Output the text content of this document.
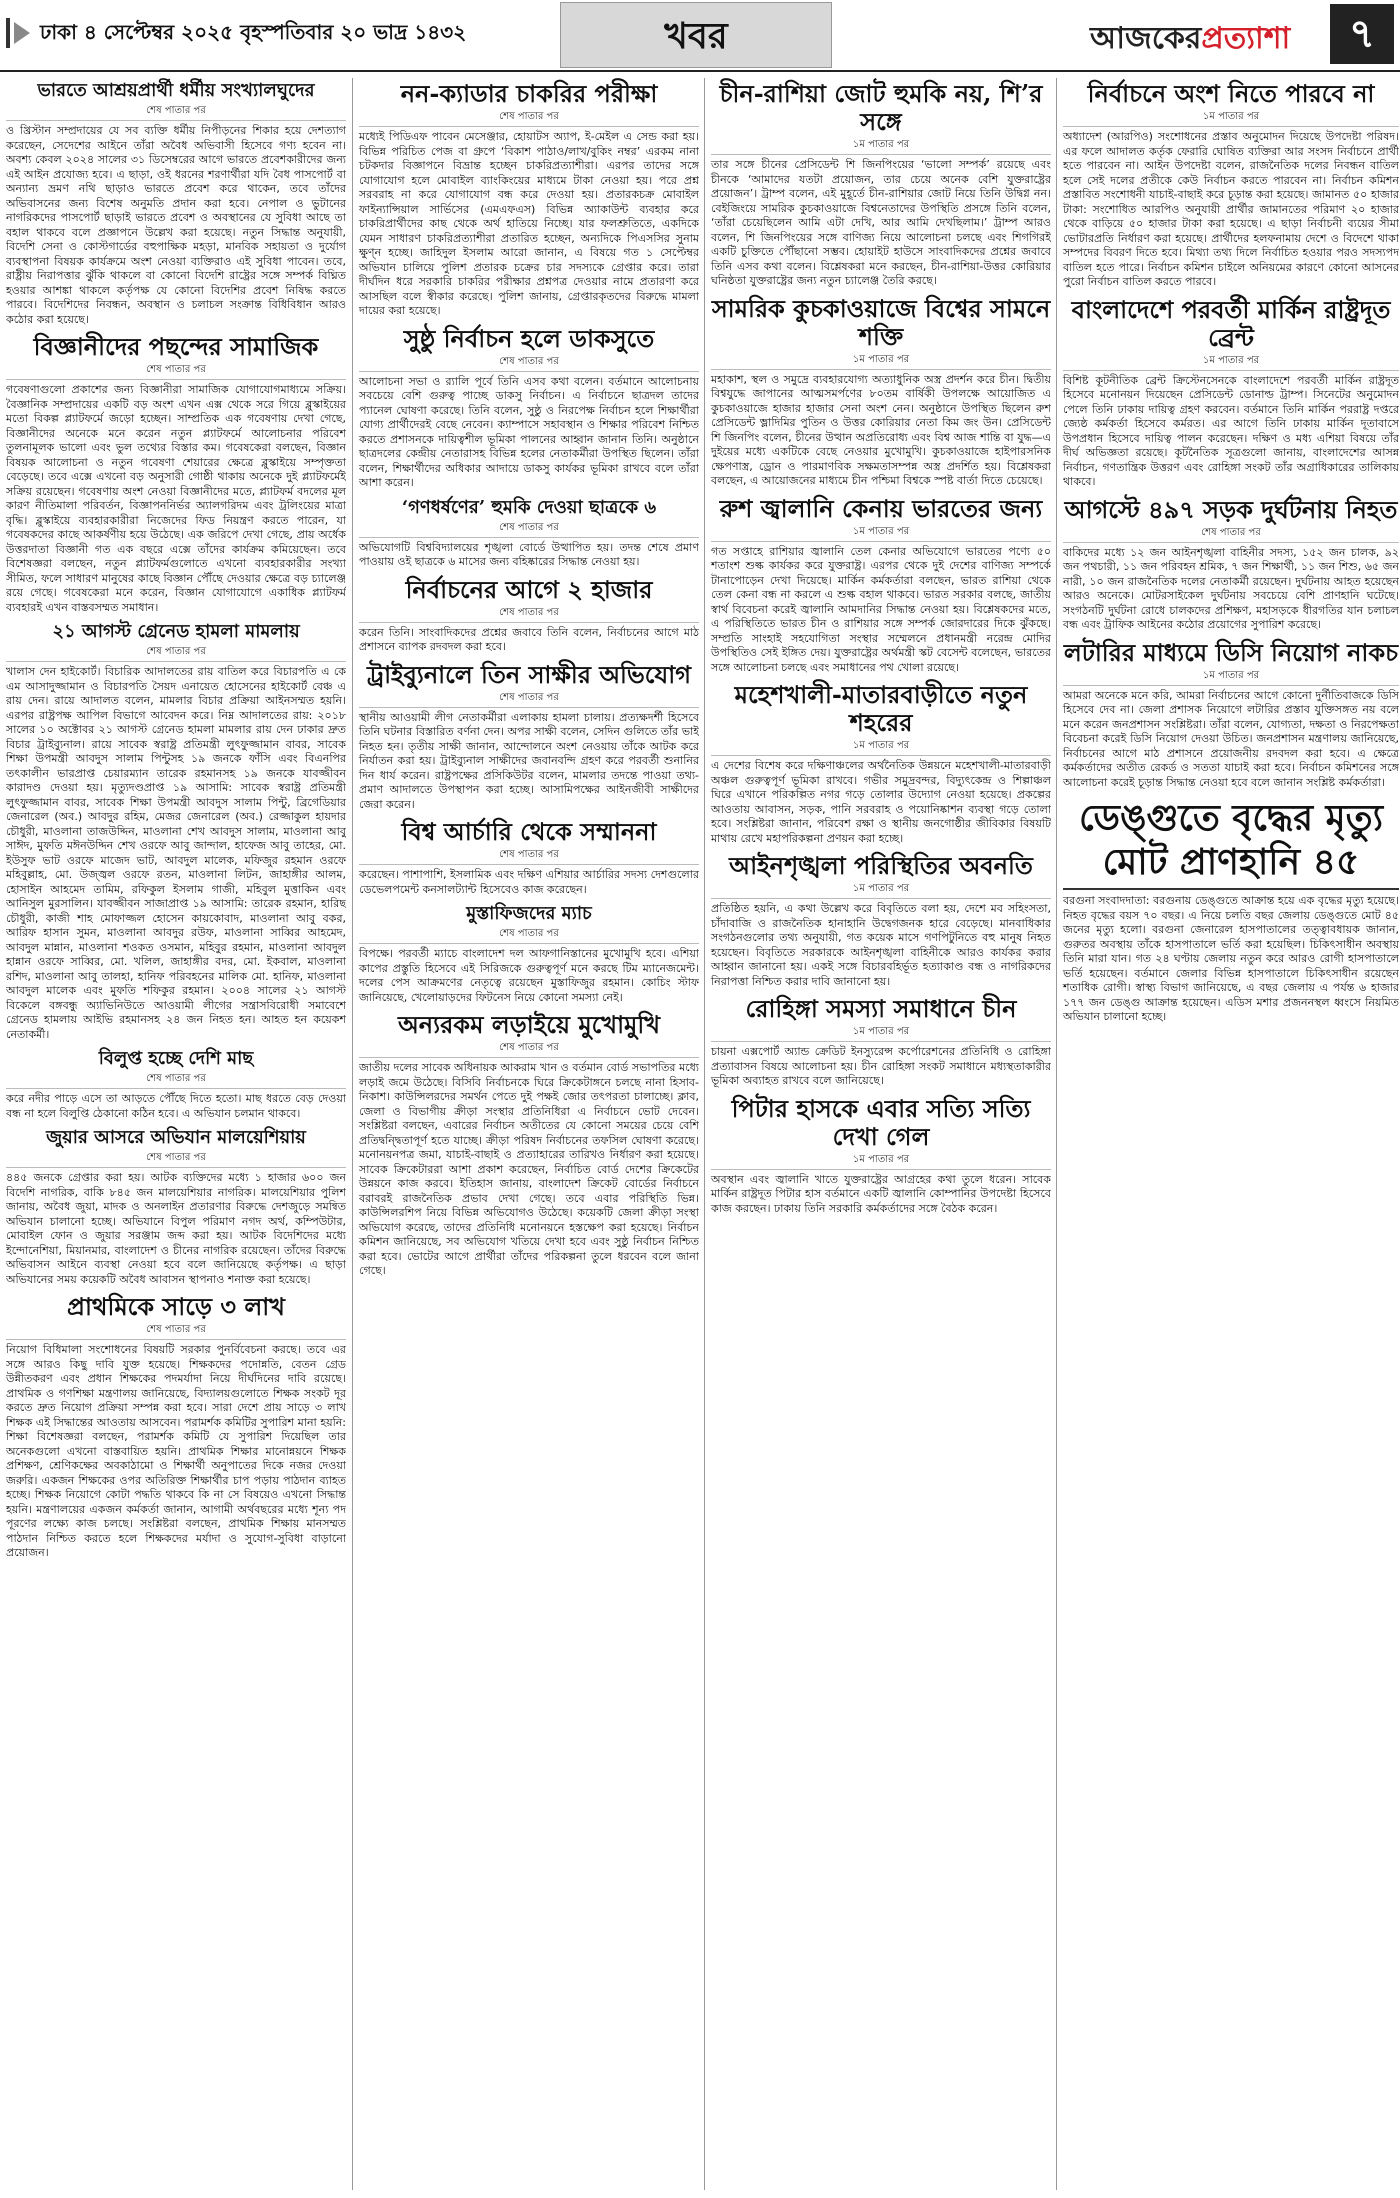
ঢাকা ৪ সেপ্টেম্বর ২০২৫ বৃহস্পতিবার ২০ ভাদ্র ১৪৩২	খবর	আজকেরপ্রত্যাশা	৭
ভারতে আশ্রয়প্রার্থী ধর্মীয় সংখ্যালঘুদের
শেষ পাতার পর

ও খ্রিস্টান সম্প্রদায়ের যে সব ব্যক্তি ধর্মীয় নিপীড়নের শিকার হয়ে দেশত্যাগ করেছেন, সেদেশের আইনে তাঁরা অবৈধ অভিবাসী হিসেবে গণ্য হবেন না। অবশ্য কেবল ২০২৪ সালের ৩১ ডিসেম্বরের আগে ভারতে প্রবেশকারীদের জন্য এই আইন প্রযোজ্য হবে। এ ছাড়া, ওই ধরনের শরণার্থীরা যদি বৈধ পাসপোর্ট বা অন্যান্য ভ্রমণ নথি ছাড়াও ভারতে প্রবেশ করে থাকেন, তবে তাঁদের অভিবাসনের জন্য বিশেষ অনুমতি প্রদান করা হবে। নেপাল ও ভুটানের নাগরিকদের পাসপোর্ট ছাড়াই ভারতে প্রবেশ ও অবস্থানের যে সুবিধা আছে তা বহাল থাকবে বলে প্রজ্ঞাপনে উল্লেখ করা হয়েছে। নতুন সিদ্ধান্ত অনুযায়ী, বিদেশি সেনা ও কোস্টগার্ডের বহুপাক্ষিক মহড়া, মানবিক সহায়তা ও দুর্যোগ ব্যবস্থাপনা বিষয়ক কার্যক্রমে অংশ নেওয়া ব্যক্তিরাও এই সুবিধা পাবেন। তবে, রাষ্ট্রীয় নিরাপত্তার ঝুঁকি থাকলে বা কোনো বিদেশি রাষ্ট্রের সঙ্গে সম্পর্ক বিঘ্নিত হওয়ার আশঙ্কা থাকলে কর্তৃপক্ষ যে কোনো বিদেশির প্রবেশ নিষিদ্ধ করতে পারবে। বিদেশিদের নিবন্ধন, অবস্থান ও চলাচল সংক্রান্ত বিধিবিধান আরও কঠোর করা হয়েছে।

বিজ্ঞানীদের পছন্দের সামাজিক
শেষ পাতার পর

গবেষণাগুলো প্রকাশের জন্য বিজ্ঞানীরা সামাজিক যোগাযোগমাধ্যমে সক্রিয়। বৈজ্ঞানিক সম্প্রদায়ের একটি বড় অংশ এখন এক্স থেকে সরে গিয়ে ব্লুস্কাইয়ের মতো বিকল্প প্ল্যাটফর্মে জড়ো হচ্ছেন। সাম্প্রতিক এক গবেষণায় দেখা গেছে, বিজ্ঞানীদের অনেকে মনে করেন নতুন প্ল্যাটফর্মে আলোচনার পরিবেশ তুলনামূলক ভালো এবং ভুল তথ্যের বিস্তার কম। গবেষকেরা বলছেন, বিজ্ঞান বিষয়ক আলোচনা ও নতুন গবেষণা শেয়ারের ক্ষেত্রে ব্লুস্কাইয়ে সম্পৃক্ততা বেড়েছে। তবে এক্সে এখনো বড় অনুসারী গোষ্ঠী থাকায় অনেকে দুই প্ল্যাটফর্মেই সক্রিয় রয়েছেন। গবেষণায় অংশ নেওয়া বিজ্ঞানীদের মতে, প্ল্যাটফর্ম বদলের মূল কারণ নীতিমালা পরিবর্তন, বিজ্ঞাপননির্ভর অ্যালগরিদম এবং ট্রলিংয়ের মাত্রা বৃদ্ধি। ব্লুস্কাইয়ে ব্যবহারকারীরা নিজেদের ফিড নিয়ন্ত্রণ করতে পারেন, যা গবেষকদের কাছে আকর্ষণীয় হয়ে উঠেছে। এক জরিপে দেখা গেছে, প্রায় অর্ধেক উত্তরদাতা বিজ্ঞানী গত এক বছরে এক্সে তাঁদের কার্যক্রম কমিয়েছেন। তবে বিশেষজ্ঞরা বলছেন, নতুন প্ল্যাটফর্মগুলোতে এখনো ব্যবহারকারীর সংখ্যা সীমিত, ফলে সাধারণ মানুষের কাছে বিজ্ঞান পৌঁছে দেওয়ার ক্ষেত্রে বড় চ্যালেঞ্জ রয়ে গেছে। গবেষকেরা মনে করেন, বিজ্ঞান যোগাযোগে একাধিক প্ল্যাটফর্ম ব্যবহারই এখন বাস্তবসম্মত সমাধান।

২১ আগস্ট গ্রেনেড হামলা মামলায়
শেষ পাতার পর

খালাস দেন হাইকোর্ট। বিচারিক আদালতের রায় বাতিল করে বিচারপতি এ কে এম আসাদুজ্জামান ও বিচারপতি সৈয়দ এনায়েত হোসেনের হাইকোর্ট বেঞ্চ এ রায় দেন। রায়ে আদালত বলেন, মামলার বিচার প্রক্রিয়া আইনসম্মত হয়নি। এরপর রাষ্ট্রপক্ষ আপিল বিভাগে আবেদন করে। নিম্ন আদালতের রায়: ২০১৮ সালের ১০ অক্টোবর ২১ আগস্ট গ্রেনেড হামলা মামলার রায় দেন ঢাকার দ্রুত বিচার ট্রাইব্যুনাল। রায়ে সাবেক স্বরাষ্ট্র প্রতিমন্ত্রী লুৎফুজ্জামান বাবর, সাবেক শিক্ষা উপমন্ত্রী আবদুস সালাম পিন্টুসহ ১৯ জনকে ফাঁসি এবং বিএনপির তৎকালীন ভারপ্রাপ্ত চেয়ারম্যান তারেক রহমানসহ ১৯ জনকে যাবজ্জীবন কারাদণ্ড দেওয়া হয়। মৃত্যুদণ্ডপ্রাপ্ত ১৯ আসামি: সাবেক স্বরাষ্ট্র প্রতিমন্ত্রী লুৎফুজ্জামান বাবর, সাবেক শিক্ষা উপমন্ত্রী আবদুস সালাম পিন্টু, ব্রিগেডিয়ার জেনারেল (অব.) আবদুর রহিম, মেজর জেনারেল (অব.) রেজ্জাকুল হায়দার চৌধুরী, মাওলানা তাজউদ্দিন, মাওলানা শেখ আবদুস সালাম, মাওলানা আবু সাঈদ, মুফতি মঈনউদ্দিন শেখ ওরফে আবু জান্দাল, হাফেজ আবু তাহের, মো. ইউসুফ ভাট ওরফে মাজেদ ভাট, আবদুল মালেক, মফিজুর রহমান ওরফে মহিবুল্লাহ, মো. উজ্জ্বল ওরফে রতন, মাওলানা লিটন, জাহাঙ্গীর আলম, হোসাইন আহমেদ তামিম, রফিকুল ইসলাম গাজী, মহিবুল মুত্তাকিন এবং আনিসুল মুরসালিন। যাবজ্জীবন সাজাপ্রাপ্ত ১৯ আসামি: তারেক রহমান, হারিছ চৌধুরী, কাজী শাহ মোফাজ্জল হোসেন কায়কোবাদ, মাওলানা আবু বকর, আরিফ হাসান সুমন, মাওলানা আবদুর রউফ, মাওলানা সাব্বির আহমেদ, আবদুল মান্নান, মাওলানা শওকত ওসমান, মহিবুর রহমান, মাওলানা আবদুল হান্নান ওরফে সাব্বির, মো. খলিল, জাহাঙ্গীর বদর, মো. ইকবাল, মাওলানা রশিদ, মাওলানা আবু তালহা, হানিফ পরিবহনের মালিক মো. হানিফ, মাওলানা আবদুল মালেক এবং মুফতি শফিকুর রহমান। ২০০৪ সালের ২১ আগস্ট বিকেলে বঙ্গবন্ধু অ্যাভিনিউতে আওয়ামী লীগের সন্ত্রাসবিরোধী সমাবেশে গ্রেনেড হামলায় আইভি রহমানসহ ২৪ জন নিহত হন। আহত হন কয়েকশ নেতাকর্মী।

বিলুপ্ত হচ্ছে দেশি মাছ
শেষ পাতার পর

করে নদীর পাড়ে এসে তা আড়তে পৌঁছে দিতে হতো। মাছ ধরতে বেড় দেওয়া বন্ধ না হলে বিলুপ্তি ঠেকানো কঠিন হবে। এ অভিযান চলমান থাকবে।

জুয়ার আসরে অভিযান মালয়েশিয়ায়
শেষ পাতার পর

৪৪৫ জনকে গ্রেপ্তার করা হয়। আটক ব্যক্তিদের মধ্যে ১ হাজার ৬০০ জন বিদেশি নাগরিক, বাকি ৮৪৫ জন মালয়েশিয়ার নাগরিক। মালয়েশিয়ার পুলিশ জানায়, অবৈধ জুয়া, মাদক ও অনলাইন প্রতারণার বিরুদ্ধে দেশজুড়ে সমন্বিত অভিযান চালানো হচ্ছে। অভিযানে বিপুল পরিমাণ নগদ অর্থ, কম্পিউটার, মোবাইল ফোন ও জুয়ার সরঞ্জাম জব্দ করা হয়। আটক বিদেশিদের মধ্যে ইন্দোনেশিয়া, মিয়ানমার, বাংলাদেশ ও চীনের নাগরিক রয়েছেন। তাঁদের বিরুদ্ধে অভিবাসন আইনে ব্যবস্থা নেওয়া হবে বলে জানিয়েছে কর্তৃপক্ষ। এ ছাড়া অভিযানের সময় কয়েকটি অবৈধ আবাসন স্থাপনাও শনাক্ত করা হয়েছে।

প্রাথমিকে সাড়ে ৩ লাখ
শেষ পাতার পর

নিয়োগ বিধিমালা সংশোধনের বিষয়টি সরকার পুনর্বিবেচনা করছে। তবে এর সঙ্গে আরও কিছু দাবি যুক্ত হয়েছে। শিক্ষকদের পদোন্নতি, বেতন গ্রেড উন্নীতকরণ এবং প্রধান শিক্ষকের পদমর্যাদা নিয়ে দীর্ঘদিনের দাবি রয়েছে। প্রাথমিক ও গণশিক্ষা মন্ত্রণালয় জানিয়েছে, বিদ্যালয়গুলোতে শিক্ষক সংকট দূর করতে দ্রুত নিয়োগ প্রক্রিয়া সম্পন্ন করা হবে। সারা দেশে প্রায় সাড়ে ৩ লাখ শিক্ষক এই সিদ্ধান্তের আওতায় আসবেন। পরামর্শক কমিটির সুপারিশ মানা হয়নি: শিক্ষা বিশেষজ্ঞরা বলছেন, পরামর্শক কমিটি যে সুপারিশ দিয়েছিল তার অনেকগুলো এখনো বাস্তবায়িত হয়নি। প্রাথমিক শিক্ষার মানোন্নয়নে শিক্ষক প্রশিক্ষণ, শ্রেণিকক্ষের অবকাঠামো ও শিক্ষার্থী অনুপাতের দিকে নজর দেওয়া জরুরি। একজন শিক্ষকের ওপর অতিরিক্ত শিক্ষার্থীর চাপ পড়ায় পাঠদান ব্যাহত হচ্ছে। শিক্ষক নিয়োগে কোটা পদ্ধতি থাকবে কি না সে বিষয়েও এখনো সিদ্ধান্ত হয়নি। মন্ত্রণালয়ের একজন কর্মকর্তা জানান, আগামী অর্থবছরের মধ্যে শূন্য পদ পূরণের লক্ষ্যে কাজ চলছে। সংশ্লিষ্টরা বলছেন, প্রাথমিক শিক্ষায় মানসম্মত পাঠদান নিশ্চিত করতে হলে শিক্ষকদের মর্যাদা ও সুযোগ-সুবিধা বাড়ানো প্রয়োজন।

নন-ক্যাডার চাকরির পরীক্ষা
শেষ পাতার পর

মধ্যেই পিডিএফ পাবেন মেসেঞ্জার, হোয়াটস অ্যাপ, ই-মেইল এ সেন্ড করা হয়। বিভিন্ন পরিচিত পেজ বা গ্রুপে ‘বিকাশ পাঠাও/লাখ/বুকিং নম্বর’ এরকম নানা চটকদার বিজ্ঞাপনে বিভ্রান্ত হচ্ছেন চাকরিপ্রত্যাশীরা। এরপর তাদের সঙ্গে যোগাযোগ হলে মোবাইল ব্যাংকিংয়ের মাধ্যমে টাকা নেওয়া হয়। পরে প্রশ্ন সরবরাহ না করে যোগাযোগ বন্ধ করে দেওয়া হয়। প্রতারকচক্র মোবাইল ফাইন্যান্সিয়াল সার্ভিসের (এমএফএস) বিভিন্ন অ্যাকাউন্ট ব্যবহার করে চাকরিপ্রার্থীদের কাছ থেকে অর্থ হাতিয়ে নিচ্ছে। যার ফলশ্রুতিতে, একদিকে যেমন সাধারণ চাকরিপ্রত্যাশীরা প্রতারিত হচ্ছেন, অন্যদিকে পিএসসির সুনাম ক্ষুণ্ন হচ্ছে। জাহিদুল ইসলাম আরো জানান, এ বিষয়ে গত ১ সেপ্টেম্বর অভিযান চালিয়ে পুলিশ প্রতারক চক্রের চার সদস্যকে গ্রেপ্তার করে। তারা দীর্ঘদিন ধরে সরকারি চাকরির পরীক্ষার প্রশ্নপত্র দেওয়ার নামে প্রতারণা করে আসছিল বলে স্বীকার করেছে। পুলিশ জানায়, গ্রেপ্তারকৃতদের বিরুদ্ধে মামলা দায়ের করা হয়েছে।

সুষ্ঠু নির্বাচন হলে ডাকসুতে
শেষ পাতার পর

আলোচনা সভা ও র‍্যালি পূর্বে তিনি এসব কথা বলেন। বর্তমানে আলোচনায় সবচেয়ে বেশি গুরুত্ব পাচ্ছে ডাকসু নির্বাচন। এ নির্বাচনে ছাত্রদল তাদের প্যানেল ঘোষণা করেছে। তিনি বলেন, সুষ্ঠু ও নিরপেক্ষ নির্বাচন হলে শিক্ষার্থীরা যোগ্য প্রার্থীদেরই বেছে নেবেন। ক্যাম্পাসে সহাবস্থান ও শিক্ষার পরিবেশ নিশ্চিত করতে প্রশাসনকে দায়িত্বশীল ভূমিকা পালনের আহ্বান জানান তিনি। অনুষ্ঠানে ছাত্রদলের কেন্দ্রীয় নেতারাসহ বিভিন্ন হলের নেতাকর্মীরা উপস্থিত ছিলেন। তাঁরা বলেন, শিক্ষার্থীদের অধিকার আদায়ে ডাকসু কার্যকর ভূমিকা রাখবে বলে তাঁরা আশা করেন।

‘গণধর্ষণের’ হুমকি দেওয়া ছাত্রকে ৬
শেষ পাতার পর

অভিযোগটি বিশ্ববিদ্যালয়ের শৃঙ্খলা বোর্ডে উত্থাপিত হয়। তদন্ত শেষে প্রমাণ পাওয়ায় ওই ছাত্রকে ৬ মাসের জন্য বহিষ্কারের সিদ্ধান্ত নেওয়া হয়।

নির্বাচনের আগে ২ হাজার
শেষ পাতার পর

করেন তিনি। সাংবাদিকদের প্রশ্নের জবাবে তিনি বলেন, নির্বাচনের আগে মাঠ প্রশাসনে ব্যাপক রদবদল করা হবে।

ট্রাইব্যুনালে তিন সাক্ষীর অভিযোগ
শেষ পাতার পর

স্থানীয় আওয়ামী লীগ নেতাকর্মীরা এলাকায় হামলা চালায়। প্রত্যক্ষদর্শী হিসেবে তিনি ঘটনার বিস্তারিত বর্ণনা দেন। অপর সাক্ষী বলেন, সেদিন গুলিতে তাঁর ভাই নিহত হন। তৃতীয় সাক্ষী জানান, আন্দোলনে অংশ নেওয়ায় তাঁকে আটক করে নির্যাতন করা হয়। ট্রাইব্যুনাল সাক্ষীদের জবানবন্দি গ্রহণ করে পরবর্তী শুনানির দিন ধার্য করেন। রাষ্ট্রপক্ষের প্রসিকিউটর বলেন, মামলার তদন্তে পাওয়া তথ্য-প্রমাণ আদালতে উপস্থাপন করা হচ্ছে। আসামিপক্ষের আইনজীবী সাক্ষীদের জেরা করেন।

বিশ্ব আর্চারি থেকে সম্মাননা
শেষ পাতার পর

করেছেন। পাশাপাশি, ইসলামিক এবং দক্ষিণ এশিয়ার আর্চারির সদস্য দেশগুলোর ডেভেলপমেন্ট কনসালট্যান্ট হিসেবেও কাজ করেছেন।

মুস্তাফিজদের ম্যাচ
শেষ পাতার পর

বিপক্ষে। পরবর্তী ম্যাচে বাংলাদেশ দল আফগানিস্তানের মুখোমুখি হবে। এশিয়া কাপের প্রস্তুতি হিসেবে এই সিরিজকে গুরুত্বপূর্ণ মনে করছে টিম ম্যানেজমেন্ট। দলের পেস আক্রমণের নেতৃত্বে রয়েছেন মুস্তাফিজুর রহমান। কোচিং স্টাফ জানিয়েছে, খেলোয়াড়দের ফিটনেস নিয়ে কোনো সমস্যা নেই।

অন্যরকম লড়াইয়ে মুখোমুখি
শেষ পাতার পর

জাতীয় দলের সাবেক অধিনায়ক আকরাম খান ও বর্তমান বোর্ড সভাপতির মধ্যে লড়াই জমে উঠেছে। বিসিবি নির্বাচনকে ঘিরে ক্রিকেটাঙ্গনে চলছে নানা হিসাব-নিকাশ। কাউন্সিলরদের সমর্থন পেতে দুই পক্ষই জোর তৎপরতা চালাচ্ছে। ক্লাব, জেলা ও বিভাগীয় ক্রীড়া সংস্থার প্রতিনিধিরা এ নির্বাচনে ভোট দেবেন। সংশ্লিষ্টরা বলছেন, এবারের নির্বাচন অতীতের যে কোনো সময়ের চেয়ে বেশি প্রতিদ্বন্দ্বিতাপূর্ণ হতে যাচ্ছে। ক্রীড়া পরিষদ নির্বাচনের তফসিল ঘোষণা করেছে। মনোনয়নপত্র জমা, যাচাই-বাছাই ও প্রত্যাহারের তারিখও নির্ধারণ করা হয়েছে। সাবেক ক্রিকেটাররা আশা প্রকাশ করেছেন, নির্বাচিত বোর্ড দেশের ক্রিকেটের উন্নয়নে কাজ করবে। ইতিহাস জানায়, বাংলাদেশ ক্রিকেট বোর্ডের নির্বাচনে বরাবরই রাজনৈতিক প্রভাব দেখা গেছে। তবে এবার পরিস্থিতি ভিন্ন। কাউন্সিলরশিপ নিয়ে বিভিন্ন অভিযোগও উঠেছে। কয়েকটি জেলা ক্রীড়া সংস্থা অভিযোগ করেছে, তাদের প্রতিনিধি মনোনয়নে হস্তক্ষেপ করা হয়েছে। নির্বাচন কমিশন জানিয়েছে, সব অভিযোগ খতিয়ে দেখা হবে এবং সুষ্ঠু নির্বাচন নিশ্চিত করা হবে। ভোটের আগে প্রার্থীরা তাঁদের পরিকল্পনা তুলে ধরবেন বলে জানা গেছে।

চীন-রাশিয়া জোট হুমকি নয়, শি’র সঙ্গে
১ম পাতার পর

তার সঙ্গে চীনের প্রেসিডেন্ট শি জিনপিংয়ের ‘ভালো সম্পর্ক’ রয়েছে এবং চীনকে ‘আমাদের যতটা প্রয়োজন, তার চেয়ে অনেক বেশি যুক্তরাষ্ট্রের প্রয়োজন’। ট্রাম্প বলেন, এই মুহূর্তে চীন-রাশিয়ার জোট নিয়ে তিনি উদ্বিগ্ন নন। বেইজিংয়ে সামরিক কুচকাওয়াজে বিশ্বনেতাদের উপস্থিতি প্রসঙ্গে তিনি বলেন, ‘তাঁরা চেয়েছিলেন আমি এটা দেখি, আর আমি দেখছিলাম।’ ট্রাম্প আরও বলেন, শি জিনপিংয়ের সঙ্গে বাণিজ্য নিয়ে আলোচনা চলছে এবং শিগগিরই একটি চুক্তিতে পৌঁছানো সম্ভব। হোয়াইট হাউসে সাংবাদিকদের প্রশ্নের জবাবে তিনি এসব কথা বলেন। বিশ্লেষকরা মনে করছেন, চীন-রাশিয়া-উত্তর কোরিয়ার ঘনিষ্ঠতা যুক্তরাষ্ট্রের জন্য নতুন চ্যালেঞ্জ তৈরি করছে।

সামরিক কুচকাওয়াজে বিশ্বের সামনে শক্তি
১ম পাতার পর

মহাকাশ, স্থল ও সমুদ্রে ব্যবহারযোগ্য অত্যাধুনিক অস্ত্র প্রদর্শন করে চীন। দ্বিতীয় বিশ্বযুদ্ধে জাপানের আত্মসমর্পণের ৮০তম বার্ষিকী উপলক্ষে আয়োজিত এ কুচকাওয়াজে হাজার হাজার সেনা অংশ নেন। অনুষ্ঠানে উপস্থিত ছিলেন রুশ প্রেসিডেন্ট ভ্লাদিমির পুতিন ও উত্তর কোরিয়ার নেতা কিম জং উন। প্রেসিডেন্ট শি জিনপিং বলেন, চীনের উত্থান অপ্রতিরোধ্য এবং বিশ্ব আজ শান্তি বা যুদ্ধ—এ দুইয়ের মধ্যে একটিকে বেছে নেওয়ার মুখোমুখি। কুচকাওয়াজে হাইপারসনিক ক্ষেপণাস্ত্র, ড্রোন ও পারমাণবিক সক্ষমতাসম্পন্ন অস্ত্র প্রদর্শিত হয়। বিশ্লেষকরা বলছেন, এ আয়োজনের মাধ্যমে চীন পশ্চিমা বিশ্বকে স্পষ্ট বার্তা দিতে চেয়েছে।

রুশ জ্বালানি কেনায় ভারতের জন্য
১ম পাতার পর

গত সপ্তাহে রাশিয়ার জ্বালানি তেল কেনার অভিযোগে ভারতের পণ্যে ৫০ শতাংশ শুল্ক কার্যকর করে যুক্তরাষ্ট্র। এরপর থেকে দুই দেশের বাণিজ্য সম্পর্কে টানাপোড়েন দেখা দিয়েছে। মার্কিন কর্মকর্তারা বলছেন, ভারত রাশিয়া থেকে তেল কেনা বন্ধ না করলে এ শুল্ক বহাল থাকবে। ভারত সরকার বলছে, জাতীয় স্বার্থ বিবেচনা করেই জ্বালানি আমদানির সিদ্ধান্ত নেওয়া হয়। বিশ্লেষকদের মতে, এ পরিস্থিতিতে ভারত চীন ও রাশিয়ার সঙ্গে সম্পর্ক জোরদারের দিকে ঝুঁকছে। সম্প্রতি সাংহাই সহযোগিতা সংস্থার সম্মেলনে প্রধানমন্ত্রী নরেন্দ্র মোদির উপস্থিতিও সেই ইঙ্গিত দেয়। যুক্তরাষ্ট্রের অর্থমন্ত্রী স্কট বেসেন্ট বলেছেন, ভারতের সঙ্গে আলোচনা চলছে এবং সমাধানের পথ খোলা রয়েছে।

মহেশখালী-মাতারবাড়ীতে নতুন শহরের
১ম পাতার পর

এ দেশের বিশেষ করে দক্ষিণাঞ্চলের অর্থনৈতিক উন্নয়নে মহেশখালী-মাতারবাড়ী অঞ্চল গুরুত্বপূর্ণ ভূমিকা রাখবে। গভীর সমুদ্রবন্দর, বিদ্যুৎকেন্দ্র ও শিল্পাঞ্চল ঘিরে এখানে পরিকল্পিত নগর গড়ে তোলার উদ্যোগ নেওয়া হয়েছে। প্রকল্পের আওতায় আবাসন, সড়ক, পানি সরবরাহ ও পয়োনিষ্কাশন ব্যবস্থা গড়ে তোলা হবে। সংশ্লিষ্টরা জানান, পরিবেশ রক্ষা ও স্থানীয় জনগোষ্ঠীর জীবিকার বিষয়টি মাথায় রেখে মহাপরিকল্পনা প্রণয়ন করা হচ্ছে।

আইনশৃঙ্খলা পরিস্থিতির অবনতি
১ম পাতার পর

প্রতিষ্ঠিত হয়নি, এ কথা উল্লেখ করে বিবৃতিতে বলা হয়, দেশে মব সহিংসতা, চাঁদাবাজি ও রাজনৈতিক হানাহানি উদ্বেগজনক হারে বেড়েছে। মানবাধিকার সংগঠনগুলোর তথ্য অনুযায়ী, গত কয়েক মাসে গণপিটুনিতে বহু মানুষ নিহত হয়েছেন। বিবৃতিতে সরকারকে আইনশৃঙ্খলা বাহিনীকে আরও কার্যকর করার আহ্বান জানানো হয়। একই সঙ্গে বিচারবহির্ভূত হত্যাকাণ্ড বন্ধ ও নাগরিকদের নিরাপত্তা নিশ্চিত করার দাবি জানানো হয়।

রোহিঙ্গা সমস্যা সমাধানে চীন
১ম পাতার পর

চায়না এক্সপোর্ট অ্যান্ড ক্রেডিট ইনস্যুরেন্স কর্পোরেশনের প্রতিনিধি ও রোহিঙ্গা প্রত্যাবাসন বিষয়ে আলোচনা হয়। চীন রোহিঙ্গা সংকট সমাধানে মধ্যস্থতাকারীর ভূমিকা অব্যাহত রাখবে বলে জানিয়েছে।

পিটার হাসকে এবার সত্যি সত্যি দেখা গেল
১ম পাতার পর

অবস্থান এবং জ্বালানি খাতে যুক্তরাষ্ট্রের আগ্রহের কথা তুলে ধরেন। সাবেক মার্কিন রাষ্ট্রদূত পিটার হাস বর্তমানে একটি জ্বালানি কোম্পানির উপদেষ্টা হিসেবে কাজ করছেন। ঢাকায় তিনি সরকারি কর্মকর্তাদের সঙ্গে বৈঠক করেন।

নির্বাচনে অংশ নিতে পারবে না
১ম পাতার পর

অধ্যাদেশ (আরপিও) সংশোধনের প্রস্তাব অনুমোদন দিয়েছে উপদেষ্টা পরিষদ। এর ফলে আদালত কর্তৃক ফেরারি ঘোষিত ব্যক্তিরা আর সংসদ নির্বাচনে প্রার্থী হতে পারবেন না। আইন উপদেষ্টা বলেন, রাজনৈতিক দলের নিবন্ধন বাতিল হলে সেই দলের প্রতীকে কেউ নির্বাচন করতে পারবেন না। নির্বাচন কমিশন প্রস্তাবিত সংশোধনী যাচাই-বাছাই করে চূড়ান্ত করা হয়েছে। জামানত ৫০ হাজার টাকা: সংশোধিত আরপিও অনুযায়ী প্রার্থীর জামানতের পরিমাণ ২০ হাজার থেকে বাড়িয়ে ৫০ হাজার টাকা করা হয়েছে। এ ছাড়া নির্বাচনী ব্যয়ের সীমা ভোটারপ্রতি নির্ধারণ করা হয়েছে। প্রার্থীদের হলফনামায় দেশে ও বিদেশে থাকা সম্পদের বিবরণ দিতে হবে। মিথ্যা তথ্য দিলে নির্বাচিত হওয়ার পরও সদস্যপদ বাতিল হতে পারে। নির্বাচন কমিশন চাইলে অনিয়মের কারণে কোনো আসনের পুরো নির্বাচন বাতিল করতে পারবে।

বাংলাদেশে পরবর্তী মার্কিন রাষ্ট্রদূত ব্রেন্ট
১ম পাতার পর

বিশিষ্ট কূটনীতিক ব্রেন্ট ক্রিস্টেনসেনকে বাংলাদেশে পরবর্তী মার্কিন রাষ্ট্রদূত হিসেবে মনোনয়ন দিয়েছেন প্রেসিডেন্ট ডোনাল্ড ট্রাম্প। সিনেটের অনুমোদন পেলে তিনি ঢাকায় দায়িত্ব গ্রহণ করবেন। বর্তমানে তিনি মার্কিন পররাষ্ট্র দপ্তরে জ্যেষ্ঠ কর্মকর্তা হিসেবে কর্মরত। এর আগে তিনি ঢাকায় মার্কিন দূতাবাসে উপপ্রধান হিসেবে দায়িত্ব পালন করেছেন। দক্ষিণ ও মধ্য এশিয়া বিষয়ে তাঁর দীর্ঘ অভিজ্ঞতা রয়েছে। কূটনৈতিক সূত্রগুলো জানায়, বাংলাদেশের আসন্ন নির্বাচন, গণতান্ত্রিক উত্তরণ এবং রোহিঙ্গা সংকট তাঁর অগ্রাধিকারের তালিকায় থাকবে।

আগস্টে ৪৯৭ সড়ক দুর্ঘটনায় নিহত
শেষ পাতার পর

বাকিদের মধ্যে ১২ জন আইনশৃঙ্খলা বাহিনীর সদস্য, ১৫২ জন চালক, ৯২ জন পথচারী, ১১ জন পরিবহন শ্রমিক, ৭ জন শিক্ষার্থী, ১১ জন শিশু, ৬৫ জন নারী, ১০ জন রাজনৈতিক দলের নেতাকর্মী রয়েছেন। দুর্ঘটনায় আহত হয়েছেন আরও অনেকে। মোটরসাইকেল দুর্ঘটনায় সবচেয়ে বেশি প্রাণহানি ঘটেছে। সংগঠনটি দুর্ঘটনা রোধে চালকদের প্রশিক্ষণ, মহাসড়কে ধীরগতির যান চলাচল বন্ধ এবং ট্রাফিক আইনের কঠোর প্রয়োগের সুপারিশ করেছে।

লটারির মাধ্যমে ডিসি নিয়োগ নাকচ
১ম পাতার পর

আমরা অনেকে মনে করি, আমরা নির্বাচনের আগে কোনো দুর্নীতিবাজকে ডিসি হিসেবে দেব না। জেলা প্রশাসক নিয়োগে লটারির প্রস্তাব যুক্তিসঙ্গত নয় বলে মনে করেন জনপ্রশাসন সংশ্লিষ্টরা। তাঁরা বলেন, যোগ্যতা, দক্ষতা ও নিরপেক্ষতা বিবেচনা করেই ডিসি নিয়োগ দেওয়া উচিত। জনপ্রশাসন মন্ত্রণালয় জানিয়েছে, নির্বাচনের আগে মাঠ প্রশাসনে প্রয়োজনীয় রদবদল করা হবে। এ ক্ষেত্রে কর্মকর্তাদের অতীত রেকর্ড ও সততা যাচাই করা হবে। নির্বাচন কমিশনের সঙ্গে আলোচনা করেই চূড়ান্ত সিদ্ধান্ত নেওয়া হবে বলে জানান সংশ্লিষ্ট কর্মকর্তারা।

ডেঙ্গুতে বৃদ্ধের মৃত্যু মোট প্রাণহানি ৪৫

বরগুনা সংবাদদাতা: বরগুনায় ডেঙ্গুতে আক্রান্ত হয়ে এক বৃদ্ধের মৃত্যু হয়েছে। নিহত বৃদ্ধের বয়স ৭০ বছর। এ নিয়ে চলতি বছর জেলায় ডেঙ্গুতে মোট ৪৫ জনের মৃত্যু হলো। বরগুনা জেনারেল হাসপাতালের তত্ত্বাবধায়ক জানান, গুরুতর অবস্থায় তাঁকে হাসপাতালে ভর্তি করা হয়েছিল। চিকিৎসাধীন অবস্থায় তিনি মারা যান। গত ২৪ ঘণ্টায় জেলায় নতুন করে আরও রোগী হাসপাতালে ভর্তি হয়েছেন। বর্তমানে জেলার বিভিন্ন হাসপাতালে চিকিৎসাধীন রয়েছেন শতাধিক রোগী। স্বাস্থ্য বিভাগ জানিয়েছে, এ বছর জেলায় এ পর্যন্ত ৬ হাজার ১৭৭ জন ডেঙ্গু আক্রান্ত হয়েছেন। এডিস মশার প্রজননস্থল ধ্বংসে নিয়মিত অভিযান চালানো হচ্ছে।
